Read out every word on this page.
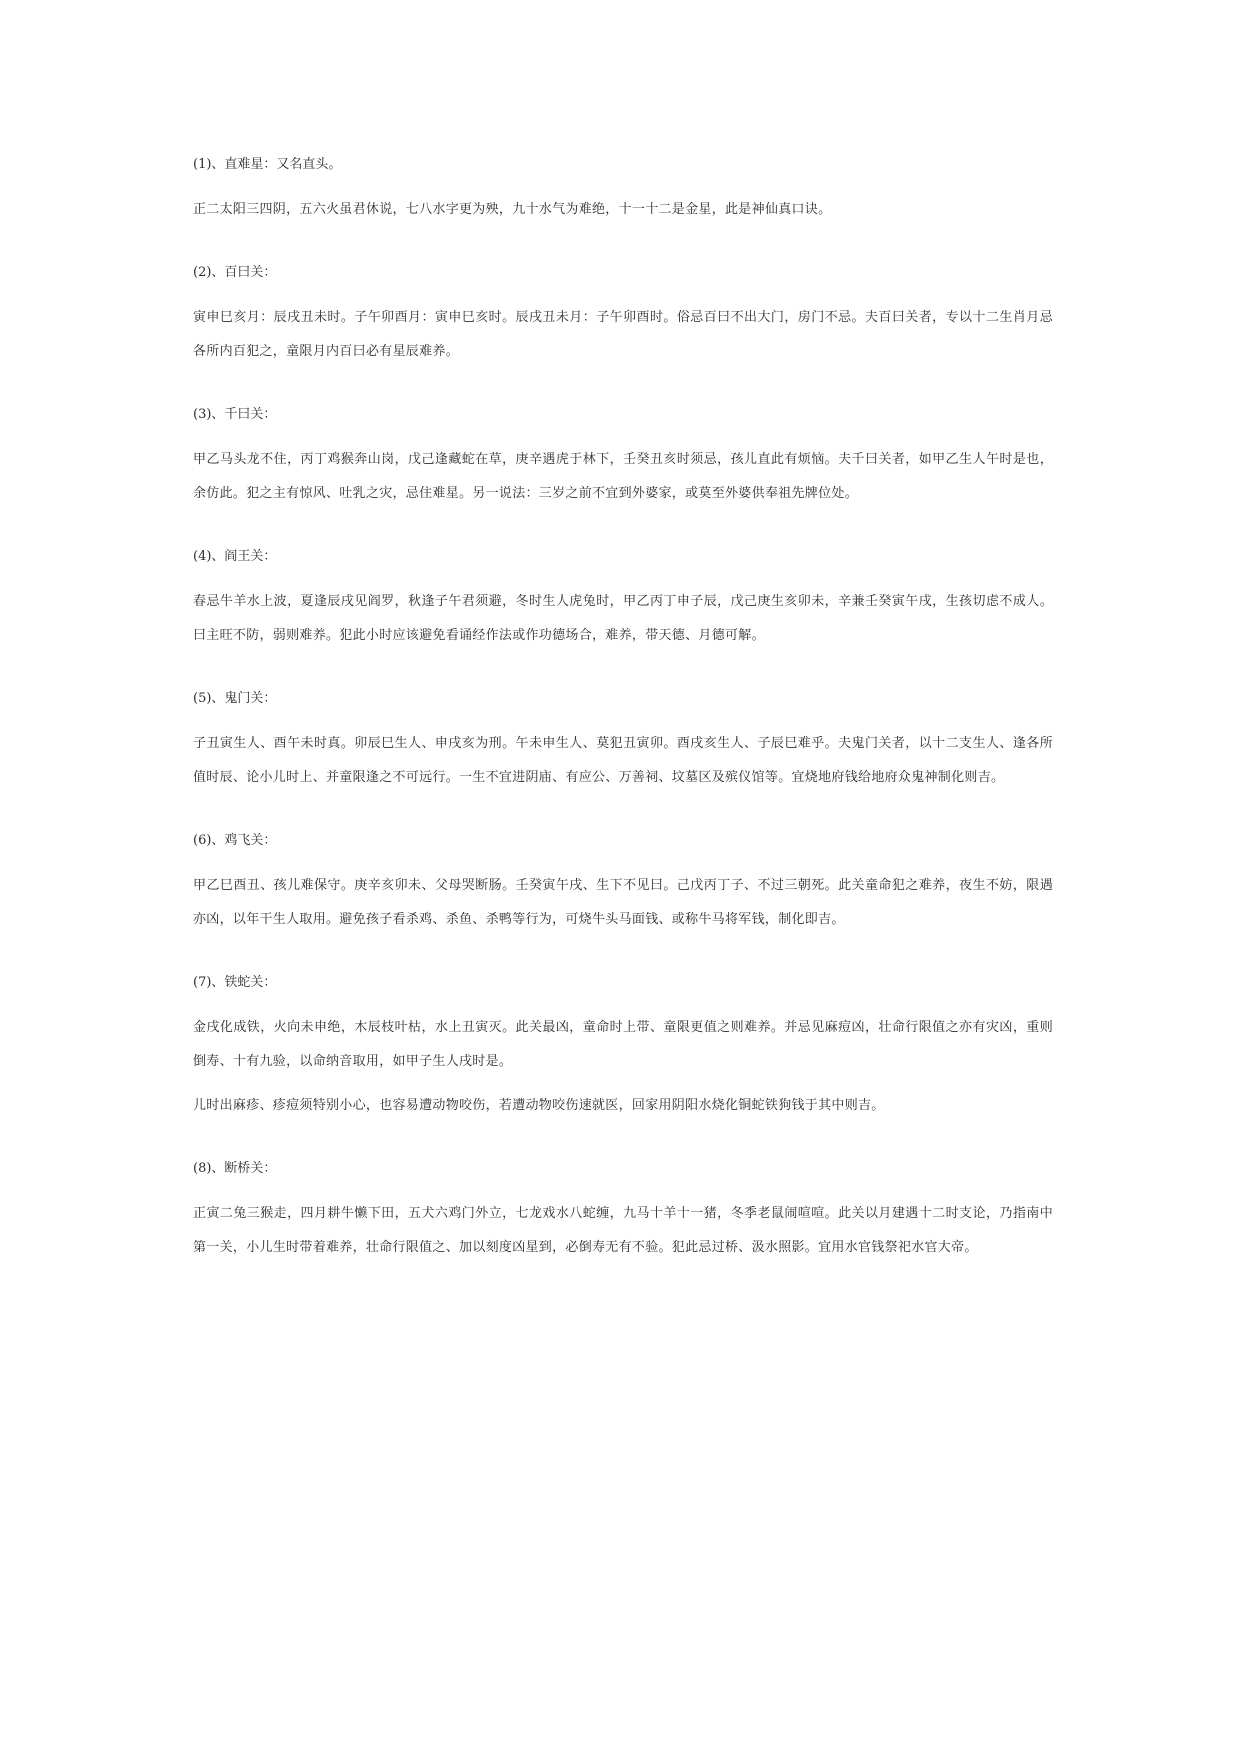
(1)、直难星：又名直头。

正二太阳三四阴，五六火虽君休说，七八水字更为殃，九十水气为难绝，十一十二是金星，此是神仙真口诀。

(2)、百曰关：

寅申巳亥月：辰戌丑未时。子午卯酉月：寅申巳亥时。辰戌丑未月：子午卯酉时。俗忌百曰不出大门，房门不忌。夫百曰关者，专以十二生肖月忌各所内百犯之，童限月内百曰必有星辰难养。

(3)、千曰关：

甲乙马头龙不住，丙丁鸡猴奔山岗，戊己逢藏蛇在草，庚辛遇虎于林下，壬癸丑亥时须忌，孩儿直此有烦恼。夫千曰关者，如甲乙生人午时是也，余仿此。犯之主有惊风、吐乳之灾，忌住难星。另一说法：三岁之前不宜到外婆家，或莫至外婆供奉祖先牌位处。

(4)、阎王关：

春忌牛羊水上波，夏逢辰戌见阎罗，秋逢子午君须避，冬时生人虎兔时，甲乙丙丁申子辰，戊己庚生亥卯未，辛兼壬癸寅午戌，生孩切虑不成人。曰主旺不防，弱则难养。犯此小时应该避免看诵经作法或作功德场合，难养，带天德、月德可解。

(5)、鬼门关：

子丑寅生人、酉午未时真。卯辰巳生人、申戌亥为刑。午未申生人、莫犯丑寅卯。酉戌亥生人、子辰巳难乎。夫鬼门关者，以十二支生人、逢各所值时辰、论小儿时上、并童限逢之不可远行。一生不宜进阴庙、有应公、万善祠、坟墓区及殡仪馆等。宜烧地府钱给地府众鬼神制化则吉。

(6)、鸡飞关：

甲乙巳酉丑、孩儿难保守。庚辛亥卯未、父母哭断肠。壬癸寅午戌、生下不见曰。己戊丙丁子、不过三朝死。此关童命犯之难养，夜生不妨，限遇亦凶，以年干生人取用。避免孩子看杀鸡、杀鱼、杀鸭等行为，可烧牛头马面钱、或称牛马将军钱，制化即吉。

(7)、铁蛇关：

金戌化成铁，火向未申绝，木辰枝叶枯，水上丑寅灭。此关最凶，童命时上带、童限更值之则难养。并忌见麻痘凶，壮命行限值之亦有灾凶，重则倒寿、十有九验，以命纳音取用，如甲子生人戌时是。

儿时出麻疹、疹痘须特别小心，也容易遭动物咬伤，若遭动物咬伤速就医，回家用阴阳水烧化铜蛇铁狗钱于其中则吉。

(8)、断桥关：

正寅二兔三猴走，四月耕牛懒下田，五犬六鸡门外立，七龙戏水八蛇缠，九马十羊十一猪，冬季老鼠闹喧喧。此关以月建遇十二时支论，乃指南中第一关，小儿生时带着难养，壮命行限值之、加以刻度凶星到，必倒寿无有不验。犯此忌过桥、汲水照影。宜用水官钱祭祀水官大帝。
